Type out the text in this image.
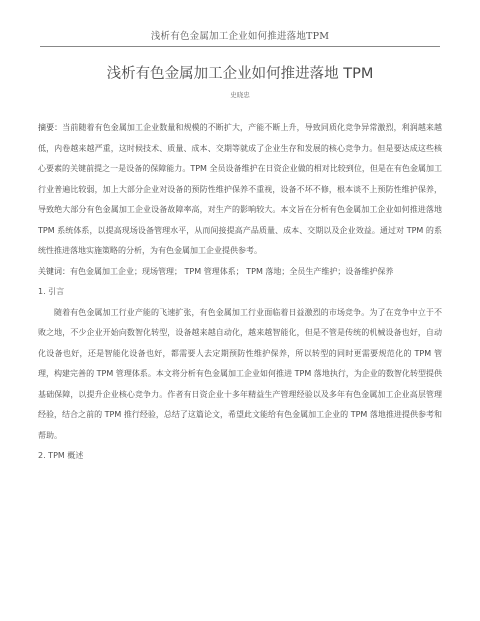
浅析有色金属加工企业如何推进落地TPM
浅析有色金属加工企业如何推进落地 TPM
史晓忠

摘要：当前随着有色金属加工企业数量和规模的不断扩大，产能不断上升，导致同质化竞争异常激烈，利润越来越低，内卷越来越严重，这时候技术、质量、成本、交期等就成了企业生存和发展的核心竞争力。但是要达成这些核心要素的关键前提之一是设备的保障能力。TPM 全员设备维护在日资企业做的相对比较到位，但是在有色金属加工行业普遍比较弱，加上大部分企业对设备的预防性维护保养不重视，设备不坏不修，根本谈不上预防性维护保养，导致绝大部分有色金属加工企业设备故障率高，对生产的影响较大。本文旨在分析有色金属加工企业如何推进落地 TPM 系统体系，以提高现场设备管理水平，从而间接提高产品质量、成本、交期以及企业效益。通过对 TPM 的系统性推进落地实施策略的分析，为有色金属加工企业提供参考。

关键词：有色金属加工企业；现场管理； TPM 管理体系； TPM 落地；全员生产维护；设备维护保养

1. 引言

随着有色金属加工行业产能的飞速扩张，有色金属加工行业面临着日益激烈的市场竞争。为了在竞争中立于不败之地，不少企业开始向数智化转型，设备越来越自动化，越来越智能化，但是不管是传统的机械设备也好，自动化设备也好，还是智能化设备也好，都需要人去定期预防性维护保养，所以转型的同时更需要规范化的 TPM 管理，构建完善的 TPM 管理体系。本文将分析有色金属加工企业如何推进 TPM 落地执行，为企业的数智化转型提供基础保障，以提升企业核心竞争力。作者有日资企业十多年精益生产管理经验以及多年有色金属加工企业高层管理经验，结合之前的 TPM 推行经验，总结了这篇论文，希望此文能给有色金属加工企业的 TPM 落地推进提供参考和帮助。

2. TPM 概述
